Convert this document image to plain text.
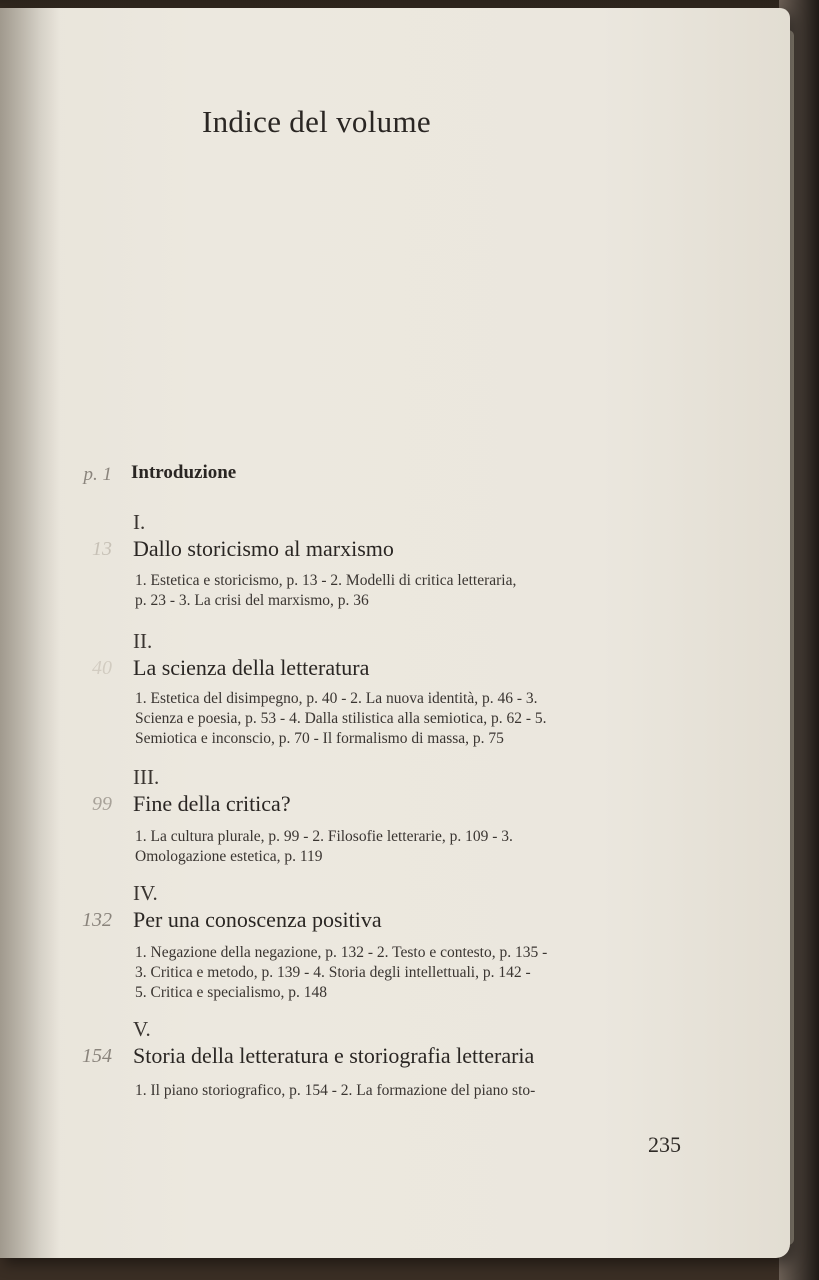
Indice del volume
p. 1 Introduzione
I.
13 Dallo storicismo al marxismo
1. Estetica e storicismo, p. 13 - 2. Modelli di critica letteraria,
p. 23 - 3. La crisi del marxismo, p. 36
II.
40 La scienza della letteratura
1. Estetica del disimpegno, p. 40 - 2. La nuova identità, p. 46 - 3.
Scienza e poesia, p. 53 - 4. Dalla stilistica alla semiotica, p. 62 - 5.
Semiotica e inconscio, p. 70 - Il formalismo di massa, p. 75
III.
99 Fine della critica?
1. La cultura plurale, p. 99 - 2. Filosofie letterarie, p. 109 - 3.
Omologazione estetica, p. 119
IV.
132 Per una conoscenza positiva
1. Negazione della negazione, p. 132 - 2. Testo e contesto, p. 135 -
3. Critica e metodo, p. 139 - 4. Storia degli intellettuali, p. 142 -
5. Critica e specialismo, p. 148
V.
154 Storia della letteratura e storiografia letteraria
1. Il piano storiografico, p. 154 - 2. La formazione del piano sto-
235
